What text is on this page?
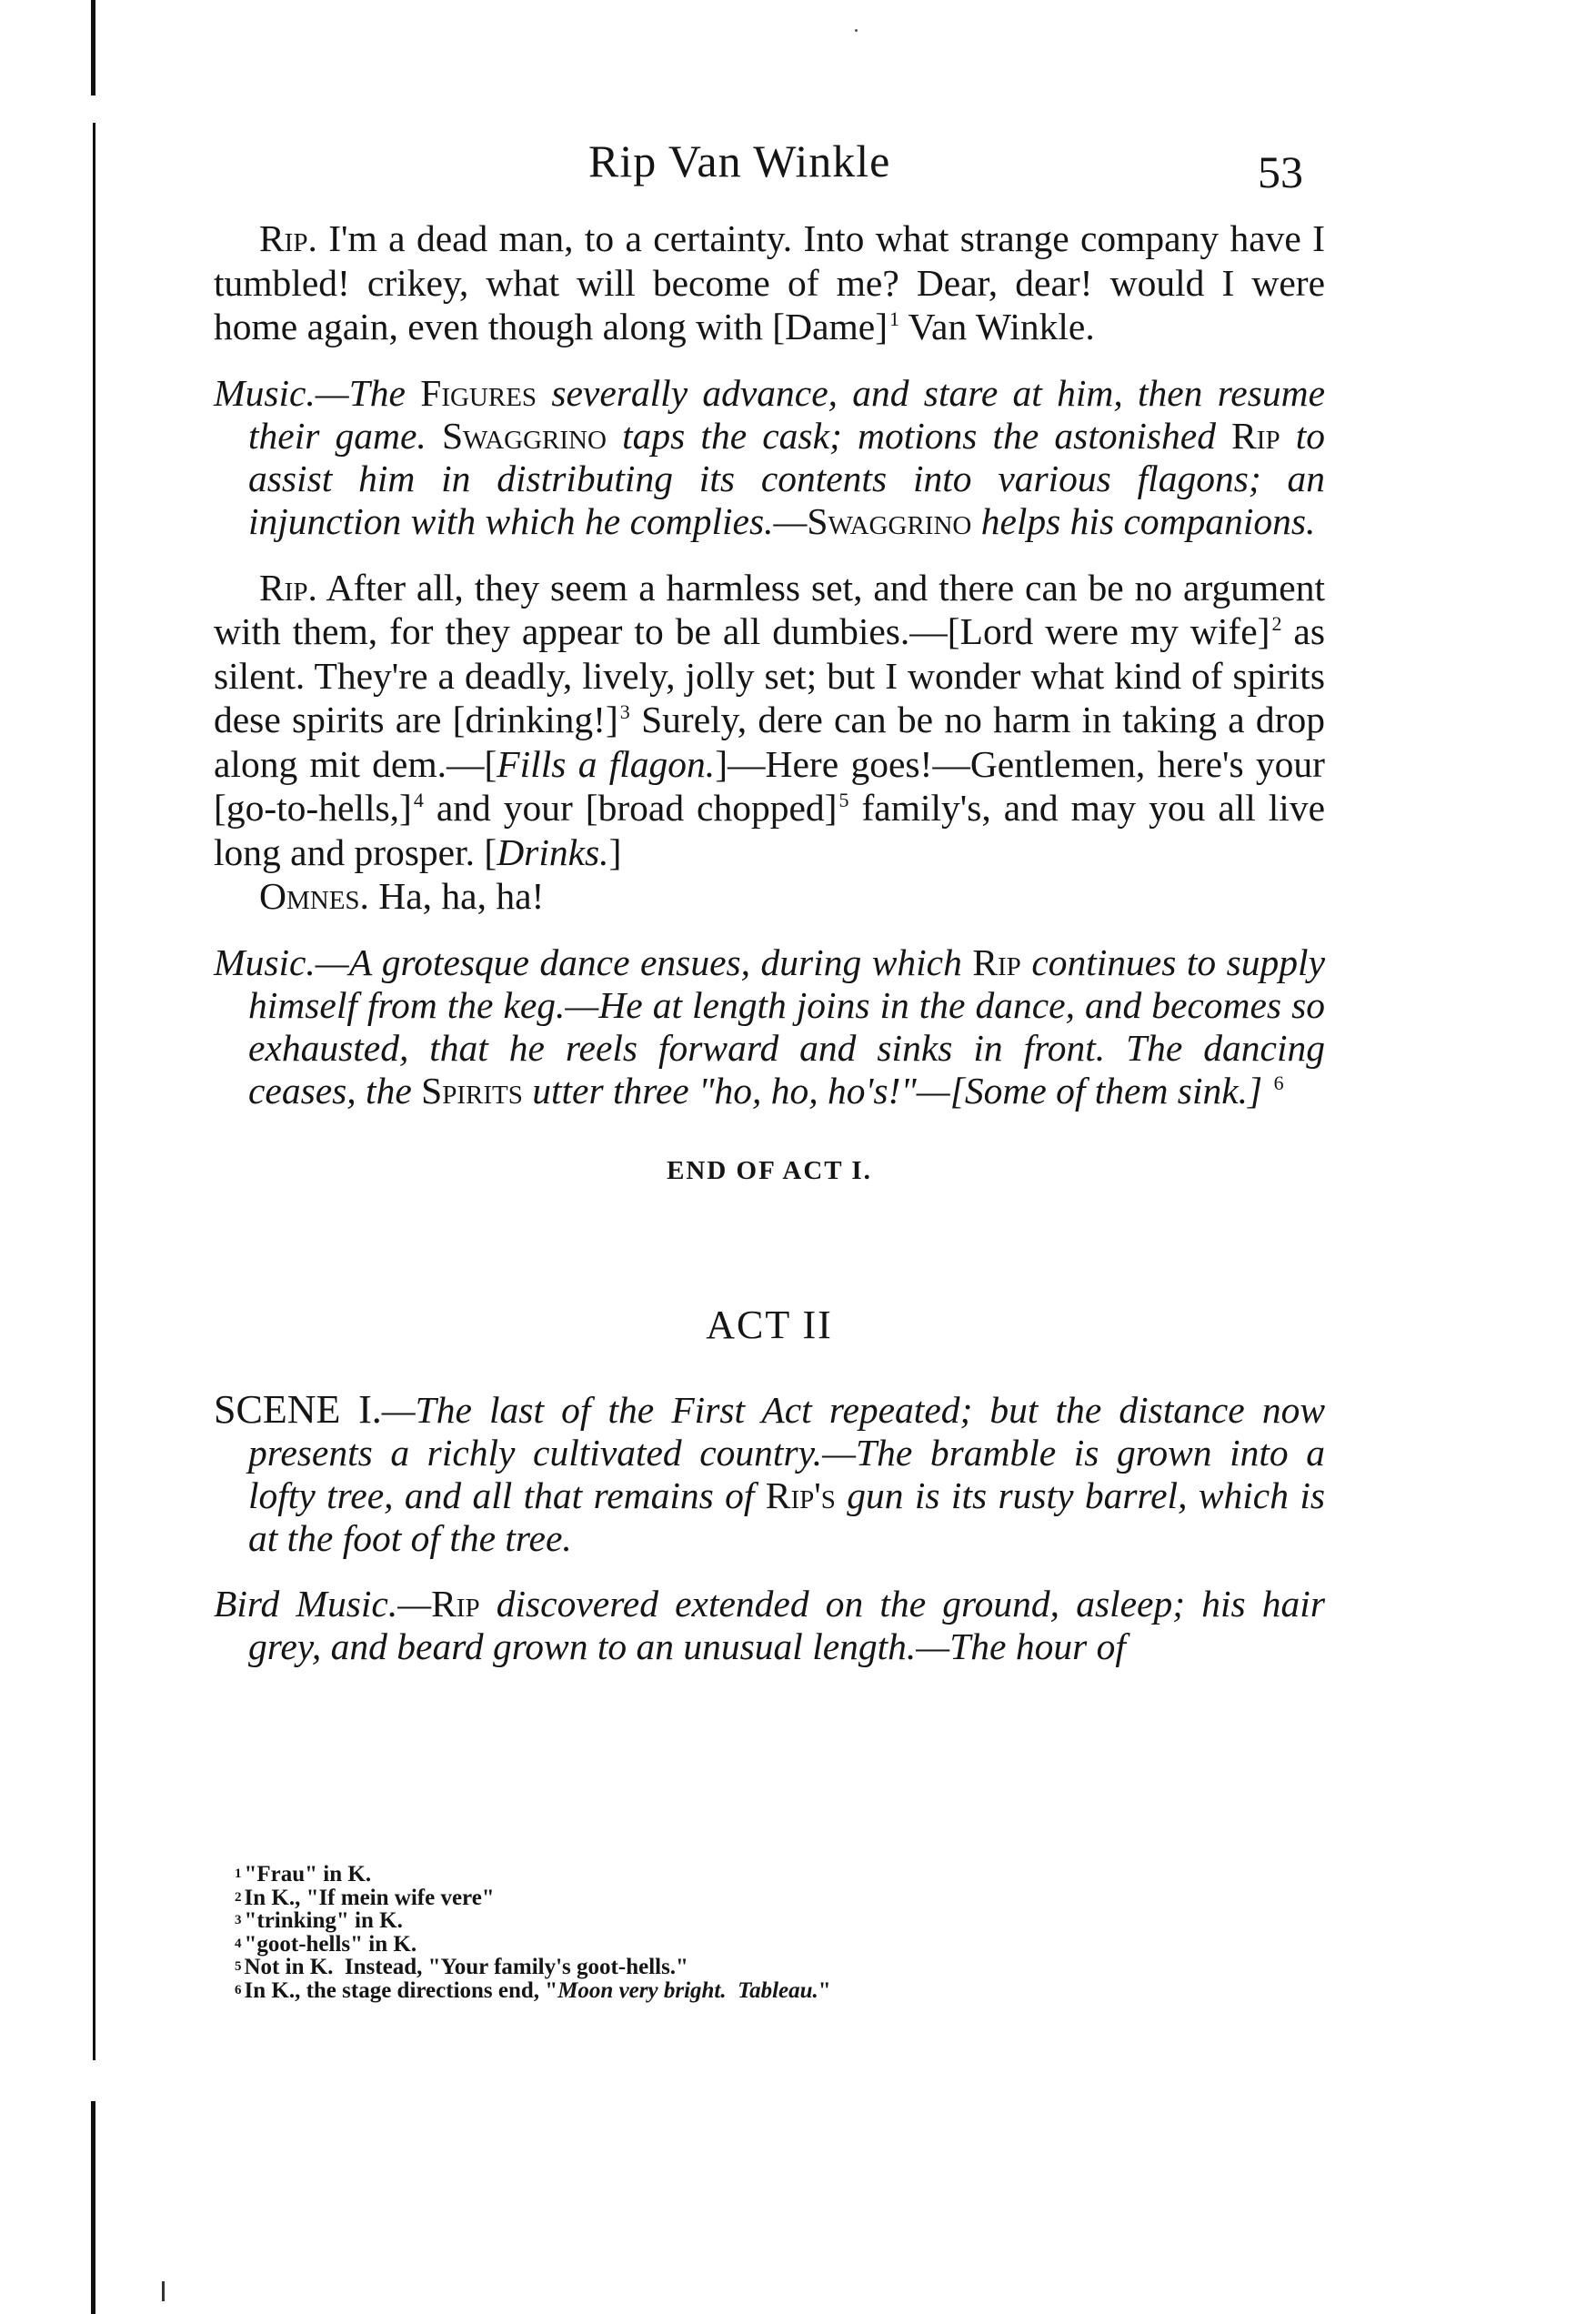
Rip Van Winkle	53

Rip. I'm a dead man, to a certainty. Into what strange company have I tumbled! crikey, what will become of me? Dear, dear! would I were home again, even though along with [Dame]$^1$ Van Winkle.

Music.—The Figures severally advance, and stare at him, then resume their game. Swaggrino taps the cask; motions the astonished Rip to assist him in distributing its contents into various flagons; an injunction with which he complies.—Swaggrino helps his companions.

Rip. After all, they seem a harmless set, and there can be no argument with them, for they appear to be all dumbies.—[Lord were my wife]$^2$ as silent. They're a deadly, lively, jolly set; but I wonder what kind of spirits dese spirits are [drinking!]$^3$ Surely, dere can be no harm in taking a drop along mit dem.—[Fills a flagon.]—Here goes!—Gentlemen, here's your [go-to-hells,]$^4$ and your [broad chopped]$^5$ family's, and may you all live long and prosper. [Drinks.]

Omnes. Ha, ha, ha!

Music.—A grotesque dance ensues, during which Rip continues to supply himself from the keg.—He at length joins in the dance, and becomes so exhausted, that he reels forward and sinks in front. The dancing ceases, the Spirits utter three "ho, ho, ho's!"—[Some of them sink.] $^6$

END OF ACT I.

ACT II

SCENE I.—The last of the First Act repeated; but the distance now presents a richly cultivated country.—The bramble is grown into a lofty tree, and all that remains of Rip's gun is its rusty barrel, which is at the foot of the tree.

Bird Music.—Rip discovered extended on the ground, asleep; his hair grey, and beard grown to an unusual length.—The hour of

$^1$ "Frau" in K.

$^2$ In K., "If mein wife vere"

$^3$ "trinking" in K.

$^4$ "goot-hells" in K.

$^5$ Not in K.  Instead, "Your family's goot-hells."

$^6$ In K., the stage directions end, "Moon very bright.  Tableau."
